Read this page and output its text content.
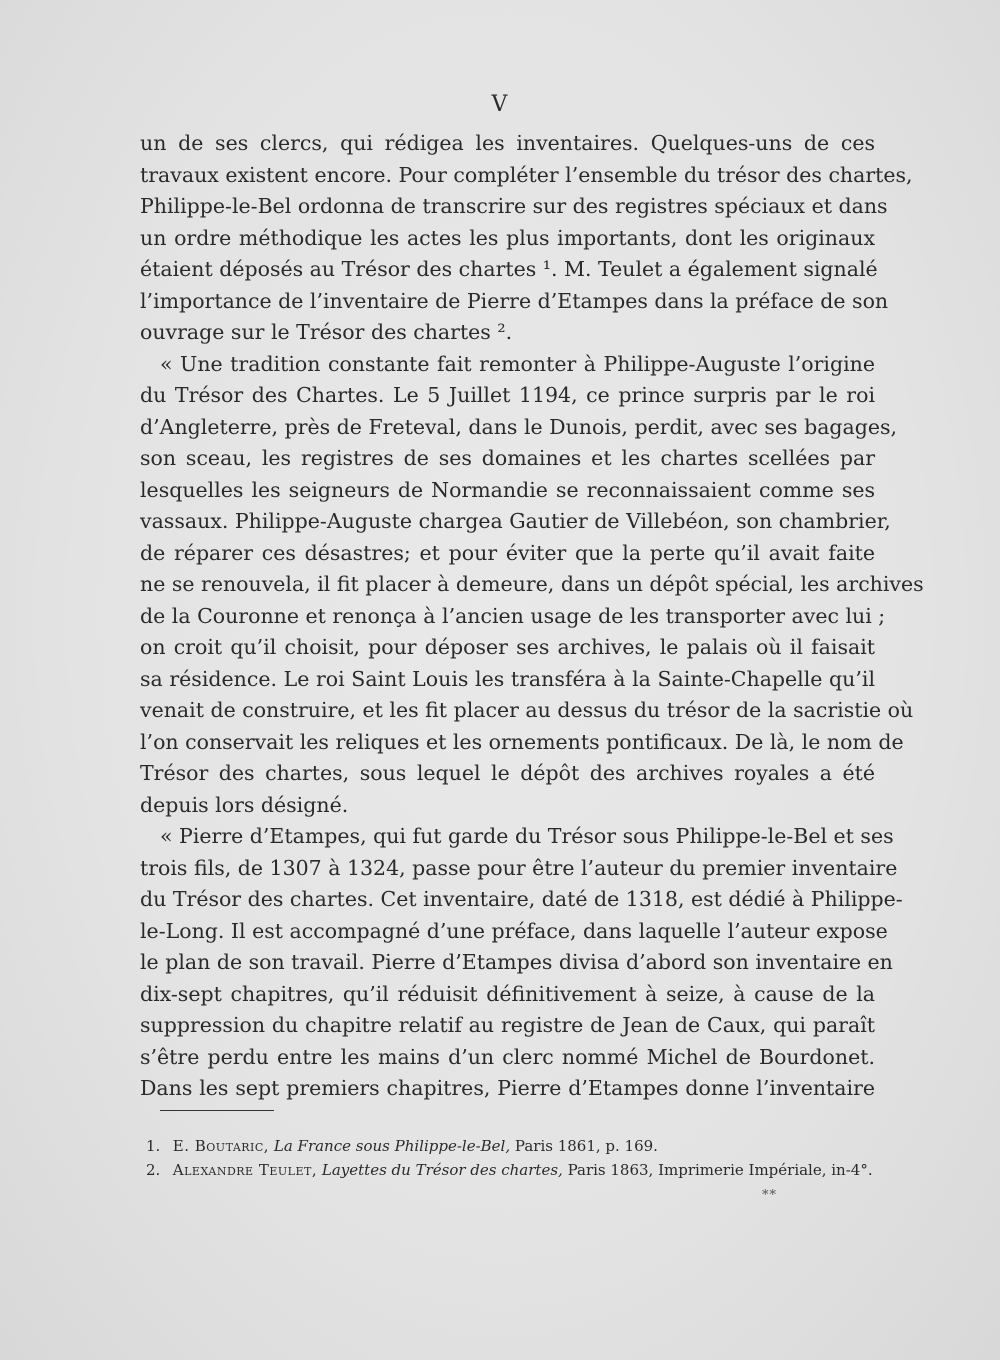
V
un de ses clercs, qui rédigea les inventaires. Quelques-uns de ces
travaux existent encore. Pour compléter l’ensemble du trésor des chartes,
Philippe-le-Bel ordonna de transcrire sur des registres spéciaux et dans
un ordre méthodique les actes les plus importants, dont les originaux
étaient déposés au Trésor des chartes ¹. M. Teulet a également signalé
l’importance de l’inventaire de Pierre d’Etampes dans la préface de son
ouvrage sur le Trésor des chartes ².
« Une tradition constante fait remonter à Philippe-Auguste l’origine
du Trésor des Chartes. Le 5 Juillet 1194, ce prince surpris par le roi
d’Angleterre, près de Freteval, dans le Dunois, perdit, avec ses bagages,
son sceau, les registres de ses domaines et les chartes scellées par
lesquelles les seigneurs de Normandie se reconnaissaient comme ses
vassaux. Philippe-Auguste chargea Gautier de Villebéon, son chambrier,
de réparer ces désastres; et pour éviter que la perte qu’il avait faite
ne se renouvela, il fit placer à demeure, dans un dépôt spécial, les archives
de la Couronne et renonça à l’ancien usage de les transporter avec lui ;
on croit qu’il choisit, pour déposer ses archives, le palais où il faisait
sa résidence. Le roi Saint Louis les transféra à la Sainte-Chapelle qu’il
venait de construire, et les fit placer au dessus du trésor de la sacristie où
l’on conservait les reliques et les ornements pontificaux. De là, le nom de
Trésor des chartes, sous lequel le dépôt des archives royales a été
depuis lors désigné.
« Pierre d’Etampes, qui fut garde du Trésor sous Philippe-le-Bel et ses
trois fils, de 1307 à 1324, passe pour être l’auteur du premier inventaire
du Trésor des chartes. Cet inventaire, daté de 1318, est dédié à Philippe-
le-Long. Il est accompagné d’une préface, dans laquelle l’auteur expose
le plan de son travail. Pierre d’Etampes divisa d’abord son inventaire en
dix-sept chapitres, qu’il réduisit définitivement à seize, à cause de la
suppression du chapitre relatif au registre de Jean de Caux, qui paraît
s’être perdu entre les mains d’un clerc nommé Michel de Bourdonet.
Dans les sept premiers chapitres, Pierre d’Etampes donne l’inventaire
1. E. Boutaric, La France sous Philippe-le-Bel, Paris 1861, p. 169.
2. Alexandre Teulet, Layettes du Trésor des chartes, Paris 1863, Imprimerie Impériale, in-4°.
**
